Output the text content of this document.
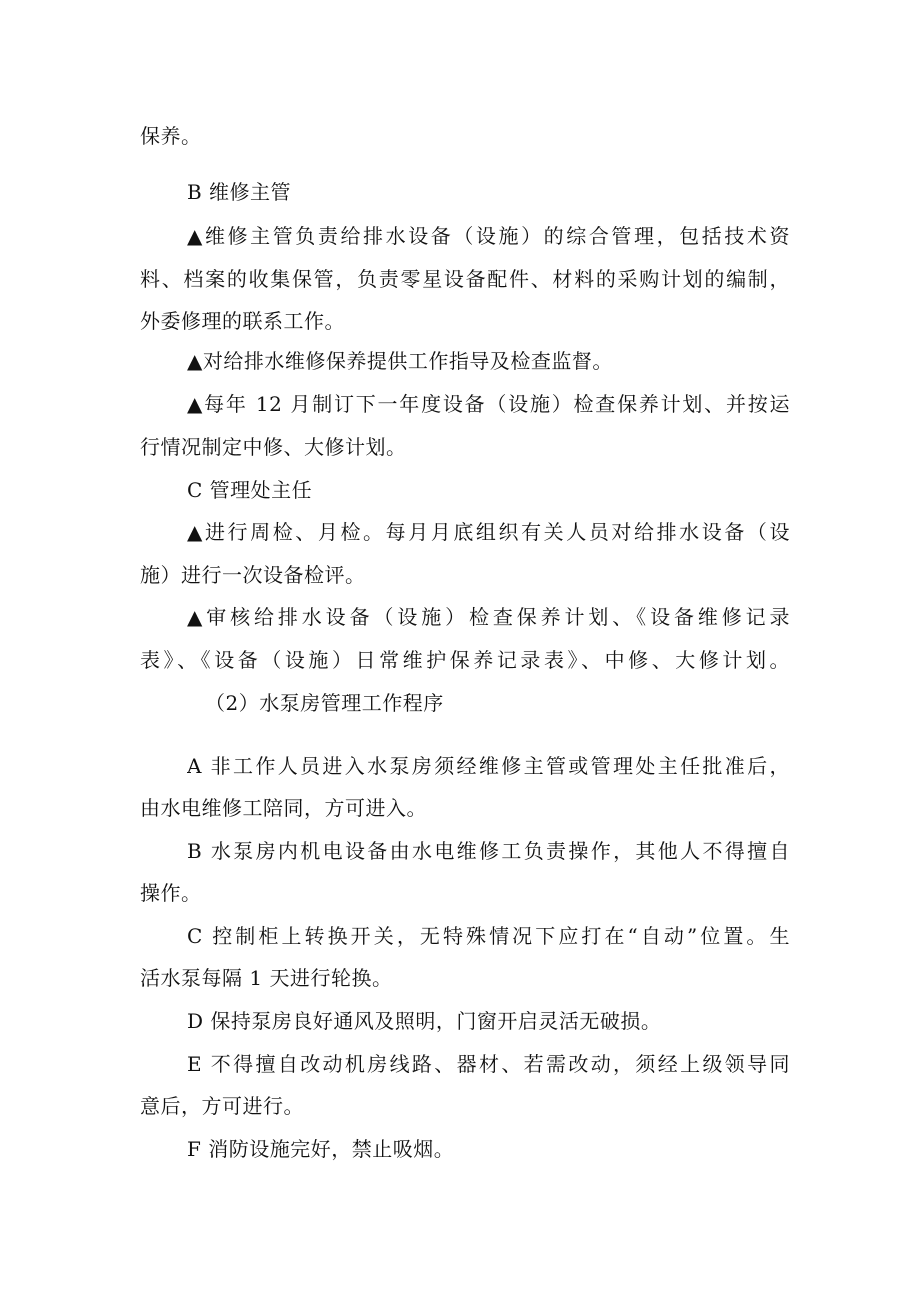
保养。
B 维修主管
▲维修主管负责给排水设备（设施）的综合管理，包括技术资
料、档案的收集保管，负责零星设备配件、材料的采购计划的编制，
外委修理的联系工作。
▲对给排水维修保养提供工作指导及检查监督。
▲每年 12 月制订下一年度设备（设施）检查保养计划、并按运
行情况制定中修、大修计划。
C 管理处主任
▲进行周检、月检。每月月底组织有关人员对给排水设备（设
施）进行一次设备检评。
▲审核给排水设备（设施）检查保养计划、《设备维修记录
表》、《设备（设施）日常维护保养记录表》、中修、大修计划。
（2）水泵房管理工作程序
A 非工作人员进入水泵房须经维修主管或管理处主任批准后，
由水电维修工陪同，方可进入。
B 水泵房内机电设备由水电维修工负责操作，其他人不得擅自
操作。
C 控制柜上转换开关，无特殊情况下应打在“自动”位置。生
活水泵每隔 1 天进行轮换。
D 保持泵房良好通风及照明，门窗开启灵活无破损。
E 不得擅自改动机房线路、器材、若需改动，须经上级领导同
意后，方可进行。
F 消防设施完好，禁止吸烟。
